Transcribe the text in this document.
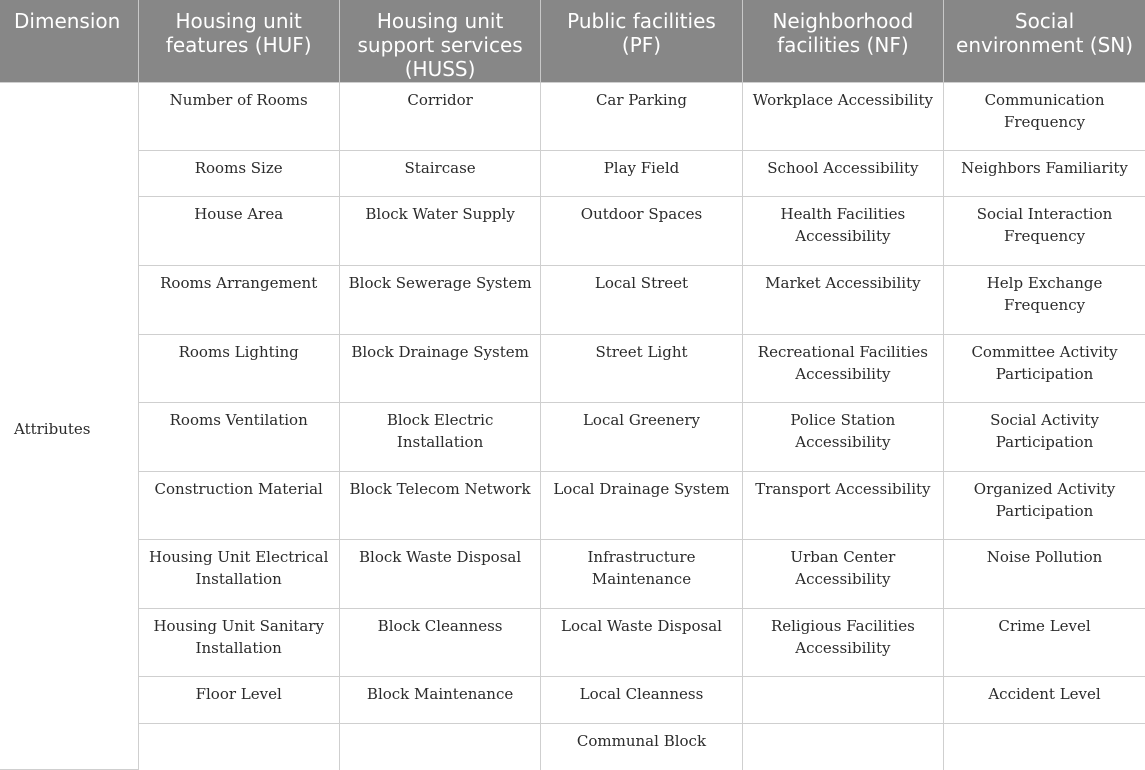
Dimension	Housing unit features (HUF)	Housing unit support services (HUSS)	Public facilities (PF)	Neighborhood facilities (NF)	Social environment (SN)
Attributes	Number of Rooms	Corridor	Car Parking	Workplace Accessibility	Communication Frequency
	Rooms Size	Staircase	Play Field	School Accessibility	Neighbors Familiarity
	House Area	Block Water Supply	Outdoor Spaces	Health Facilities Accessibility	Social Interaction Frequency
	Rooms Arrangement	Block Sewerage System	Local Street	Market Accessibility	Help Exchange Frequency
	Rooms Lighting	Block Drainage System	Street Light	Recreational Facilities Accessibility	Committee Activity Participation
	Rooms Ventilation	Block Electric Installation	Local Greenery	Police Station Accessibility	Social Activity Participation
	Construction Material	Block Telecom Network	Local Drainage System	Transport Accessibility	Organized Activity Participation
	Housing Unit Electrical Installation	Block Waste Disposal	Infrastructure Maintenance	Urban Center Accessibility	Noise Pollution
	Housing Unit Sanitary Installation	Block Cleanness	Local Waste Disposal	Religious Facilities Accessibility	Crime Level
	Floor Level	Block Maintenance	Local Cleanness		Accident Level
			Communal Block		
